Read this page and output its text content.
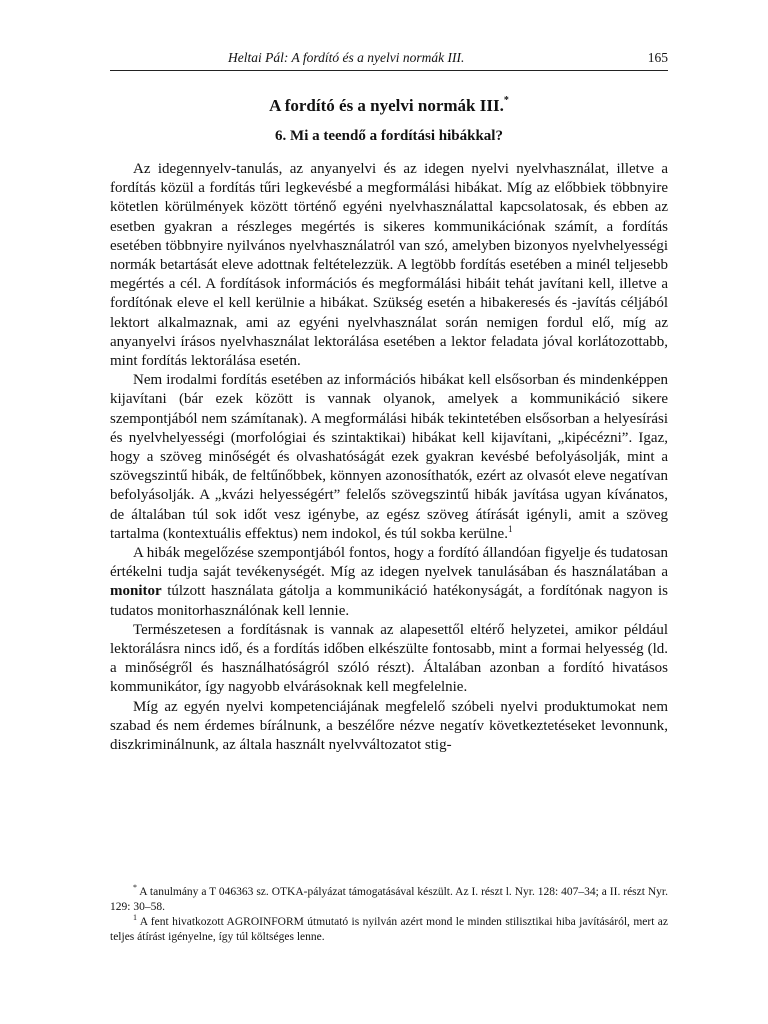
Heltai Pál: A fordító és a nyelvi normák III.	165
A fordító és a nyelvi normák III.*
6. Mi a teendő a fordítási hibákkal?

Az idegennyelv-tanulás, az anyanyelvi és az idegen nyelvi nyelvhasználat, illetve a fordítás közül a fordítás tűri legkevésbé a megformálási hibákat. Míg az előbbiek többnyire kötetlen körülmények között történő egyéni nyelvhasználattal kapcsolatosak, és ebben az esetben gyakran a részleges megértés is sikeres kommunikációnak számít, a fordítás esetében többnyire nyilvános nyelvhasználatról van szó, amelyben bizonyos nyelvhelyességi normák betartását eleve adottnak feltételezzük. A legtöbb fordítás esetében a minél teljesebb megértés a cél. A fordítások információs és megformálási hibáit tehát javítani kell, illetve a fordítónak eleve el kell kerülnie a hibákat. Szükség esetén a hibakeresés és -javítás céljából lektort alkalmaznak, ami az egyéni nyelvhasználat során nemigen fordul elő, míg az anyanyelvi írásos nyelvhasználat lektorálása esetében a lektor feladata jóval korlátozottabb, mint fordítás lektorálása esetén.

Nem irodalmi fordítás esetében az információs hibákat kell elsősorban és mindenképpen kijavítani (bár ezek között is vannak olyanok, amelyek a kommunikáció sikere szempontjából nem számítanak). A megformálási hibák tekintetében elsősorban a helyesírási és nyelvhelyességi (morfológiai és szintaktikai) hibákat kell kijavítani, „kipécézni”. Igaz, hogy a szöveg minőségét és olvashatóságát ezek gyakran kevésbé befolyásolják, mint a szövegszintű hibák, de feltűnőbbek, könnyen azonosíthatók, ezért az olvasót eleve negatívan befolyásolják. A „kvázi helyességért” felelős szövegszintű hibák javítása ugyan kívánatos, de általában túl sok időt vesz igénybe, az egész szöveg átírását igényli, amit a szöveg tartalma (kontextuális effektus) nem indokol, és túl sokba kerülne.$^1$

A hibák megelőzése szempontjából fontos, hogy a fordító állandóan figyelje és tudatosan értékelni tudja saját tevékenységét. Míg az idegen nyelvek tanulásában és használatában a monitor túlzott használata gátolja a kommunikáció hatékonyságát, a fordítónak nagyon is tudatos monitorhasználónak kell lennie.

Természetesen a fordításnak is vannak az alapesettől eltérő helyzetei, amikor például lektorálásra nincs idő, és a fordítás időben elkészülte fontosabb, mint a formai helyesség (ld. a minőségről és használhatóságról szóló részt). Általában azonban a fordító hivatásos kommunikátor, így nagyobb elvárásoknak kell megfelelnie.

Míg az egyén nyelvi kompetenciájának megfelelő szóbeli nyelvi produktumokat nem szabad és nem érdemes bírálnunk, a beszélőre nézve negatív következtetéseket levonnunk, diszkriminálnunk, az általa használt nyelvváltozatot stig-

* A tanulmány a T 046363 sz. OTKA-pályázat támogatásával készült. Az I. részt l. Nyr. 128: 407–34; a II. részt Nyr. 129: 30–58.

$^1$ A fent hivatkozott AGROINFORM útmutató is nyilván azért mond le minden stilisztikai hiba javításáról, mert az teljes átírást igényelne, így túl költséges lenne.
